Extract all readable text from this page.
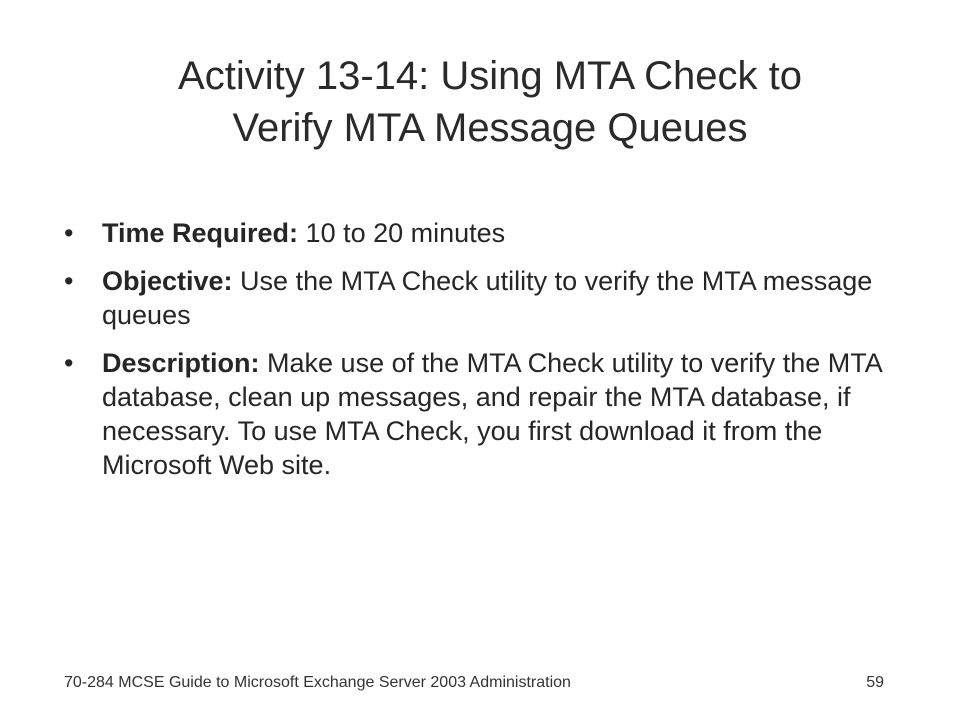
Activity 13-14: Using MTA Check to
Verify MTA Message Queues
•	Time Required: 10 to 20 minutes
•	Objective: Use the MTA Check utility to verify the MTA message queues
•	Description: Make use of the MTA Check utility to verify the MTA database, clean up messages, and repair the MTA database, if necessary. To use MTA Check, you first download it from the Microsoft Web site.
70-284 MCSE Guide to Microsoft Exchange Server 2003 Administration	59
